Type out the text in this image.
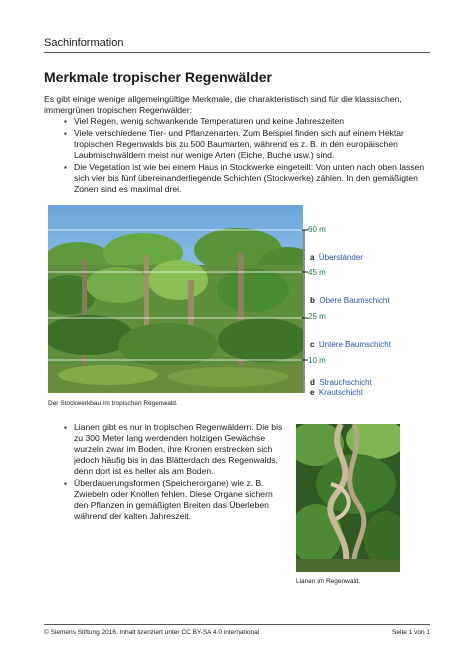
Sachinformation
Merkmale tropischer Regenwälder
Es gibt einige wenige allgemeingültige Merkmale, die charakteristisch sind für die klassischen, immergrünen tropischen Regenwälder:
▪ Viel Regen, wenig schwankende Temperaturen und keine Jahreszeiten
▪ Viele verschiedene Tier- und Pflanzenarten. Zum Beispiel finden sich auf einem Hektar tropischen Regenwalds bis zu 500 Baumarten, während es z. B. in den europäischen Laubmischwäldern meist nur wenige Arten (Eiche, Buche usw.) sind.
▪ Die Vegetation ist wie bei einem Haus in Stockwerke eingeteilt: Von unten nach oben lassen sich vier bis fünf übereinanderliegende Schichten (Stockwerke) zählen. In den gemäßigten Zonen sind es maximal drei.
60 m
45 m
25 m
10 m
a Überständer
b Obere Baumschicht
c Untere Baumschicht
d Strauchschicht
e Krautschicht
Der Stockwerkbau im tropischen Regenwald.
▪ Lianen gibt es nur in tropischen Regenwäldern. Die bis zu 300 Meter lang werdenden holzigen Gewächse wurzeln zwar im Boden, ihre Kronen erstrecken sich jedoch häufig bis in das Blätterdach des Regenwalds, denn dort ist es heller als am Boden.
▪ Überdauerungsformen (Speicherorgane) wie z. B. Zwiebeln oder Knollen fehlen. Diese Organe sichern den Pflanzen in gemäßigten Breiten das Überleben während der kalten Jahreszeit.
Lianen im Regenwald.
© Siemens Stiftung 2016. Inhalt lizenziert unter CC BY-SA 4.0 international	Seite 1 von 1
